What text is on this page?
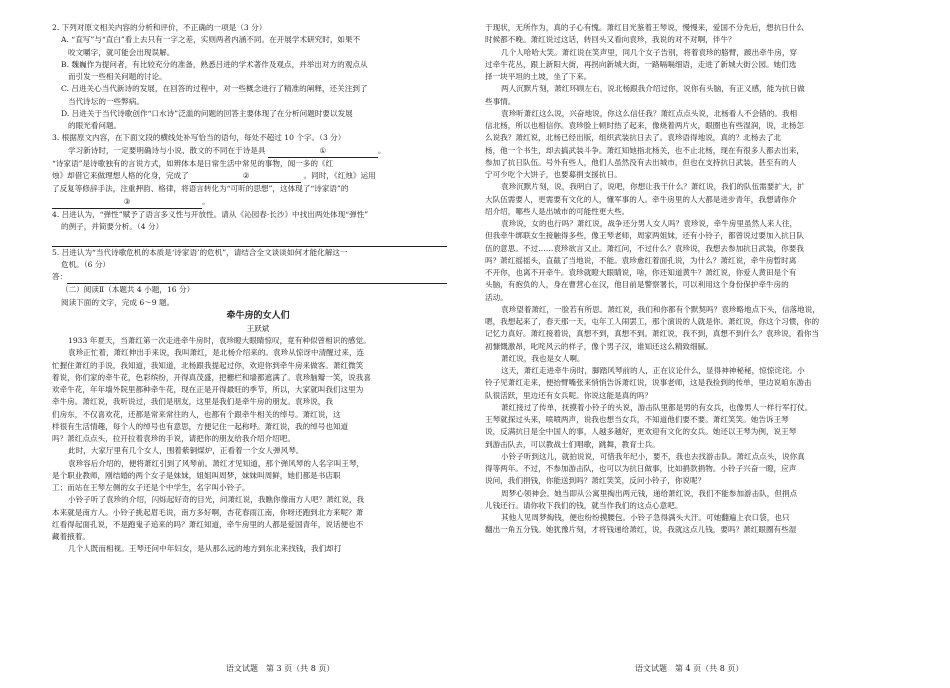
2. 下列对原文相关内容的分析和评价，不正确的一项是（3 分）
A. “直写”与“直白”看上去只有一字之差，实则两者内涵不同。在开展学术研究时，如果不
咬文嚼字，就可能会出现误解。
B. 魏巍作为提问者，有比较充分的准备，熟悉吕进的学术著作及观点，并举出对方的观点从
而引发一些相关问题的讨论。
C. 吕进关心当代新诗的发展，在回答的过程中，对一些概念进行了精准的阐释，还关注到了
当代诗坛的一些弊病。
D. 吕进关于当代诗歌创作“口水诗”泛滥的问题的回答主要体现了在分析问题时要以发展
的眼光看问题。
3. 根据原文内容，在下面文段的横线处补写恰当的语句，每处不超过 10 个字。（3 分）
学习新诗时，一定要明确诗与小说、散文的不同在于诗是具	①	。
“诗家语”是诗歌独有的言说方式，如辨体本是日常生活中常见的事物，闻一多的《红
烛》却借它来做理想人格的化身，完成了	②	。同时，《红烛》运用
了反复等修辞手法，注重押韵、格律，将语言转化为“可听的思想”，这体现了“诗家语”的
③	。
4. 吕进认为，“弹性”赋予了语言多义性与开放性。请从《沁园春·长沙》中找出两处体现“弹性”
的例子，并简要分析。（4 分）

5. 吕进认为“当代诗歌危机的本质是‘诗家语’的危机”，请结合全文谈谈如何才能化解这一
危机。（6 分）
答：
（二）阅读Ⅱ（本题共 4 小题，16 分）
阅读下面的文字，完成 6～9 题。
牵牛房的女人们
王跃斌
1933 年夏天，当萧红第一次走进牵牛房时，袁珍瞪大眼睛惊叹，竟有种似曾相识的感觉。
袁珍正忙着，萧红伸出手来说，我叫萧红，是北杨介绍来的。袁珍从惊讶中清醒过来，连
忙握住萧红的手说，我知道，我知道，北杨跟我提起过你，欢迎你到牵牛房来做客。萧红微笑
着说，你们家的牵牛花，色彩缤纷，开得真茂盛，把栅栏和墙都遮满了。袁珍脑瓣一笑，说我喜
欢牵牛花，年年墙外院里都种牵牛花，现在正是开得最旺的季节，所以，大家就叫我们这里为
牵牛房。萧红说，我听说过，我们是朋友，这里是我们是牵牛房的朋友。袁珍说，我
们房东，不仅喜欢花，还都是常来常往的人，也都有个跟牵牛相关的绰号。萧红说，这
样很有生活情趣，每个人的绰号也有意思，方便记住一起称呼。萧红说，我的绰号也知道
吗？萧红点点头，拉开拉着袁珍的手说，请把你的朋友给我介绍介绍吧。
此时，大家厅里有几个女人，围着紫铜煤炉，正看着一个女人弹风琴。
袁珍容后介绍的，便将萧红引到了风琴前。萧红才见知道，那个弹风琴的人名字叫王琴，
是个职业教师，刚结婚的两个女子是妹妹，姐姐叫周梦，妹妹叫周鲜，她们都是书店职
工；而站在王琴左侧的女子还是个中学生，名字叫小铃子。
小铃子听了袁珍的介绍，闪烁起好奇的目光，问萧红说，我瞧你像南方人吧？萧红说，我
本来就是南方人。小铃子挑起眉毛说，南方多好啊，杏花春雨江南，你呀还跑到北方来呢？萧
红看得起面孔说，不是跑鬼子追来的吗？萧红知道，牵牛房里的人都是爱国青年，说话便也不
藏着掖着。
几个人既而相视。王琴还问中年妇女，是从那么远的地方到东北来找钱，我们却打
于现状，无所作为，真的子心有愧。萧红目光鉴着王琴说，慢慢来，爱国不分先后，想抗日什么
时候都不晚。萧红说过这话，转回头又看向袁珍，我说的对不对啊，伴牛？
几个人哈哈大笑。萧红说在笑声里，同几个女子告别，将着袁珍的胳臂，踱出牵牛房，穿
过牵牛花丛，跟上新阳大街，再拐向新城大街，一路嗝嗝细语，走进了新城大街公园。她们选
择一块平坦的土坡，坐了下来。
两人沉默片刻，萧红环顾左右，说北杨跟我介绍过你，说你有头脑，有正义感，能为抗日做
些事情。
袁珍听萧红这么说，兴奋地说，你这么信任我？萧红点点头说，北杨看人不会错的。我相
信北杨，所以也相信你。袁珍脸上顿时热了起来，像烧着两片火，眼圈也有些湿润，说，北杨怎
么说我？萧红说，北杨已经出版，组织武装抗日去了。袁珍语得地说，真的？北杨去了北
杨，他一个书生，却去搞武装斗争。萧红知她指北杨关，也不止北杨，现在有很多人都去出来，
参加了抗日队伍。号外有些人，他们人虽然没有去出城市，但也在支持抗日武装，甚至有的人
宁可少吃个大饼子，也要募捐支援抗日。
袁珍沉默片刻，说，我明白了，说吧，你想让我干什么？萧红说，我们的队伍需要扩大，扩
大队伍需要人，更需要有文化的人，懂军事的人。牵牛房里的人大都是进步青年，我想请你介
绍介绍，哪些人是出城市的可能性更大些。
袁珍说，女的也行吗？萧红说，战争还分男人女人吗？袁珍说，牵牛房里虽然人来人往，
但我牵牛绑联女生接触得多些，像王琴老师，周家两姐妹，还有小铃子，都曾说过要加入抗日队
伍的意思。不过……袁珍欲言又止。萧红问，不过什么？袁珍说，我想去参加抗日武装，你要我
吗？萧红摇摇头，直截了当地说，不能。袁珍愈红着面孔说，为什么？萧红说，牵牛房暂时离
不开你，也离不开牵牛。袁珍就瞪大眼睛说，啥，你还知道黄牛？萧红说，你爱人黄田是个有
头脑，有抱负的人，身在曹营心在汉，他目前是警察署长，可以利用这个身份保护牵牛房的
活动。
袁珍望着萧红，一脸若有所思。萧红说，我们和你都有个默契吗？袁珍略地点下头，信落地说，
嗯，我想起来了，春天那一天，屯年工人闹罢工，那个演说的人就是你。萧红说，你这个习惯，你的
记忆力真好。萧红接着说，真想不到，真想不到。萧红说，我不到，真想不到什么？袁珍说，看你当
初慷慨激昂，叱咤风云的样子，像个男子汉，谁知还这么精致细腻。
萧红说，我也是女人啊。
这天，萧红走进牵牛房时，脚踏风琴前的人，正在议论什么，显得神神秘秘，惊惊诧诧。小
铃子见萧红走来，便抬臂嘴张来悄悄告诉萧红说，说事老师，这是我捡到的传单，里边说咱东游击
队很活跃，里边还有女兵呢。你说这能是真的吗？
萧红接过了传单，抚摸着小铃子的头说，游击队里都是男的有女兵，也像男人一样行军打仗。
王琴就探过头来，喷喷两声，说我也想当女兵，不知道他们要不要。萧红笑笑。她告诉王琴
说，反满抗日是全中国人的事，人越多越好，更欢迎有文化的女兵。她还以王琴为例，说王琴
到游击队去，可以教战士们唱歌，跳舞，教育士兵。
小铃子听到这儿，就拍说说，可惜我年纪小，要不，我也去找游击队。萧红点点头，说你真
得等两年。不过，不参加游击队，也可以为抗日做事，比如捐款捐物。小铃子兴奋一瞪，应声
说问，我们捐钱，你能送到吗？萧红笑笑，反问小铃子，你说呢？
周梦心领神会。她当即从公寓里掏出两元钱，递给萧红说，我们不能参加游击队，但捐点
儿钱还行。请你收下我们的钱，就当作我们的这点心意吧。
其他人见周梦掏钱，便也纷纷摸腰包。小铃子急得满头大汗。可她翻遍上衣口袋，也只
翻出一角五分钱。她犹豫片刻，才将钱递给萧红，说，我就这点儿钱，要吗？萧红眼圈有些湿
语文试题　第 3 页（共 8 页）	语文试题　第 4 页（共 8 页）
